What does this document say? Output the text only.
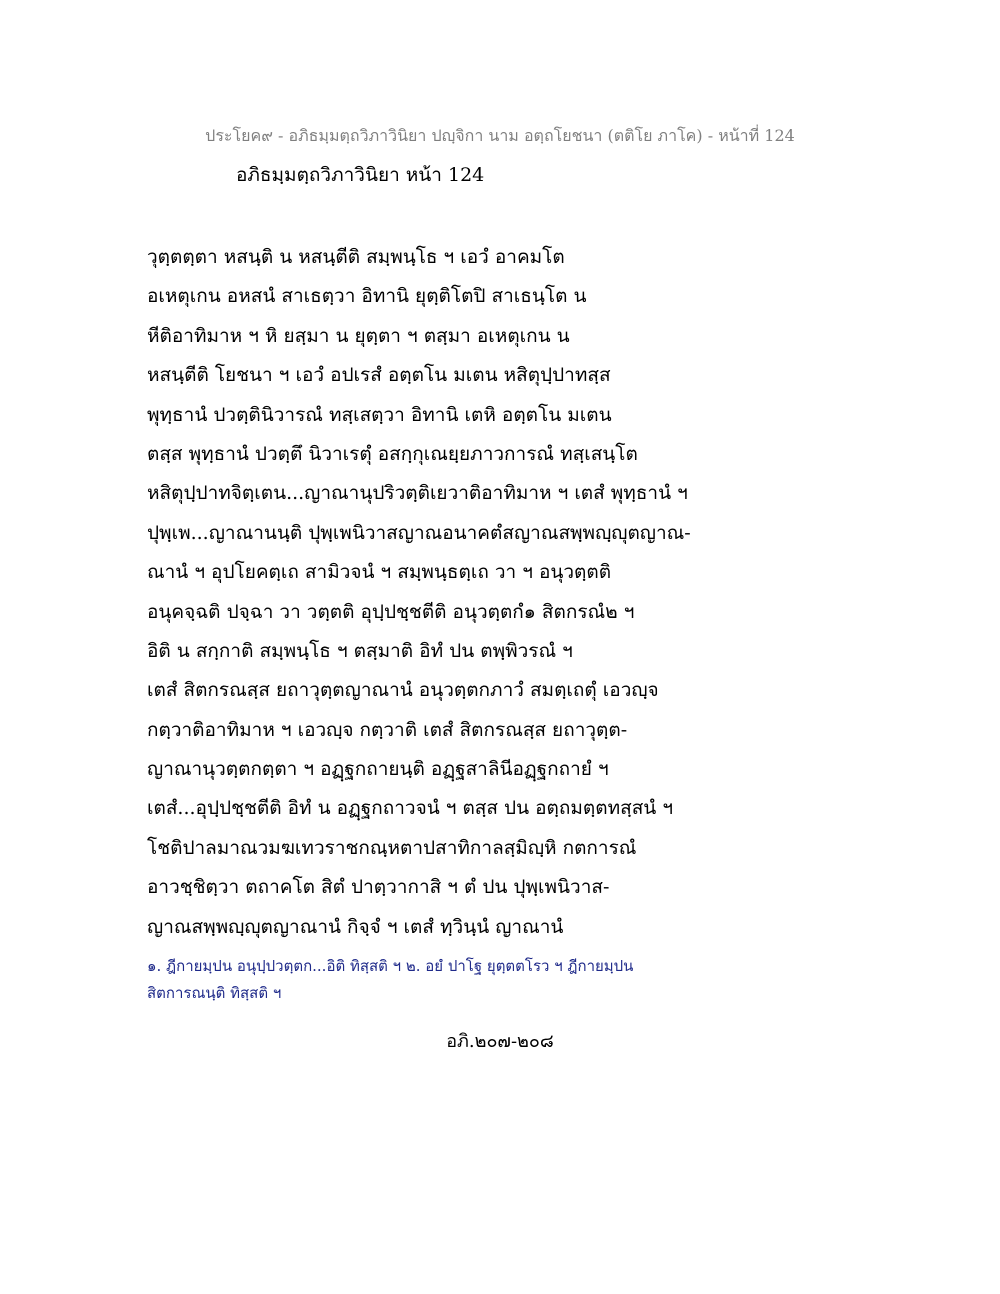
ประโยค๙ - อภิธมฺมตฺถวิภาวินิยา ปญฺจิกา นาม อตฺถโยชนา (ตติโย ภาโค) - หน้าที่ 124
อภิธมฺมตฺถวิภาวินิยา หน้า 124
วุตฺตตฺตา หสนฺติ น หสนฺตีติ สมฺพนฺโธ ฯ เอวํ อาคมโต
อเหตุเกน อหสนํ สาเธตฺวา อิทานิ ยุตฺติโตปิ สาเธนฺโต น
หีติอาทิมาห ฯ หิ ยสฺมา น ยุตฺตา ฯ ตสฺมา อเหตุเกน น
หสนฺตีติ โยชนา ฯ เอวํ อปเรสํ อตฺตโน มเตน หสิตุปฺปาทสฺส
พุทฺธานํ ปวตฺตินิวารณํ ทสฺเสตฺวา อิทานิ เตหิ อตฺตโน มเตน
ตสฺส พุทฺธานํ ปวตฺตึ นิวาเรตุํ อสกฺกุเณยฺยภาวการณํ ทสฺเสนฺโต
หสิตุปฺปาทจิตฺเตน...ญาณานุปริวตฺติเยวาติอาทิมาห ฯ เตสํ พุทฺธานํ ฯ
ปุพฺเพ...ญาณานนฺติ ปุพฺเพนิวาสญาณอนาคตํสญาณสพฺพญฺญุตญาณ-
ณานํ ฯ อุปโยคตฺเถ สามิวจนํ ฯ สมฺพนฺธตฺเถ วา ฯ อนุวตฺตติ
อนุคจฺฉติ ปจฺฉา วา วตฺตติ อุปฺปชฺชตีติ อนุวตฺตกํ๑ สิตกรณํ๒ ฯ
อิติ น สกฺกาติ สมฺพนฺโธ ฯ ตสฺมาติ อิทํ ปน ตพฺพิวรณํ ฯ
เตสํ สิตกรณสฺส ยถาวุตฺตญาณานํ อนุวตฺตกภาวํ สมตฺเถตุํ เอวญฺจ
กตฺวาติอาทิมาห ฯ เอวญฺจ กตฺวาติ เตสํ สิตกรณสฺส ยถาวุตฺต-
ญาณานุวตฺตกตฺตา ฯ อฏฺฐกถายนฺติ อฏฺฐสาลินีอฏฺฐกถายํ ฯ
เตสํ...อุปฺปชฺชตีติ อิทํ น อฏฺฐกถาวจนํ ฯ ตสฺส ปน อตฺถมตฺตทสฺสนํ ฯ
โชติปาลมาณวมฆเทวราชกณฺหตาปสาทิกาลสฺมิญฺหิ กตการณํ
อาวชฺชิตฺวา ตถาคโต สิตํ ปาตฺวากาสิ ฯ ตํ ปน ปุพฺเพนิวาส-
ญาณสพฺพญฺญุตญาณานํ กิจฺจํ ฯ เตสํ ทฺวินฺนํ ญาณานํ
๑. ฎีกายมฺปน อนุปฺปวตฺตก...อิติ ทิสฺสติ ฯ ๒. อยํ ปาโฐ ยุตฺตตโรว ฯ ฎีกายมฺปน
สิตการณนฺติ ทิสฺสติ ฯ
อภิ.๒๐๗-๒๐๘
